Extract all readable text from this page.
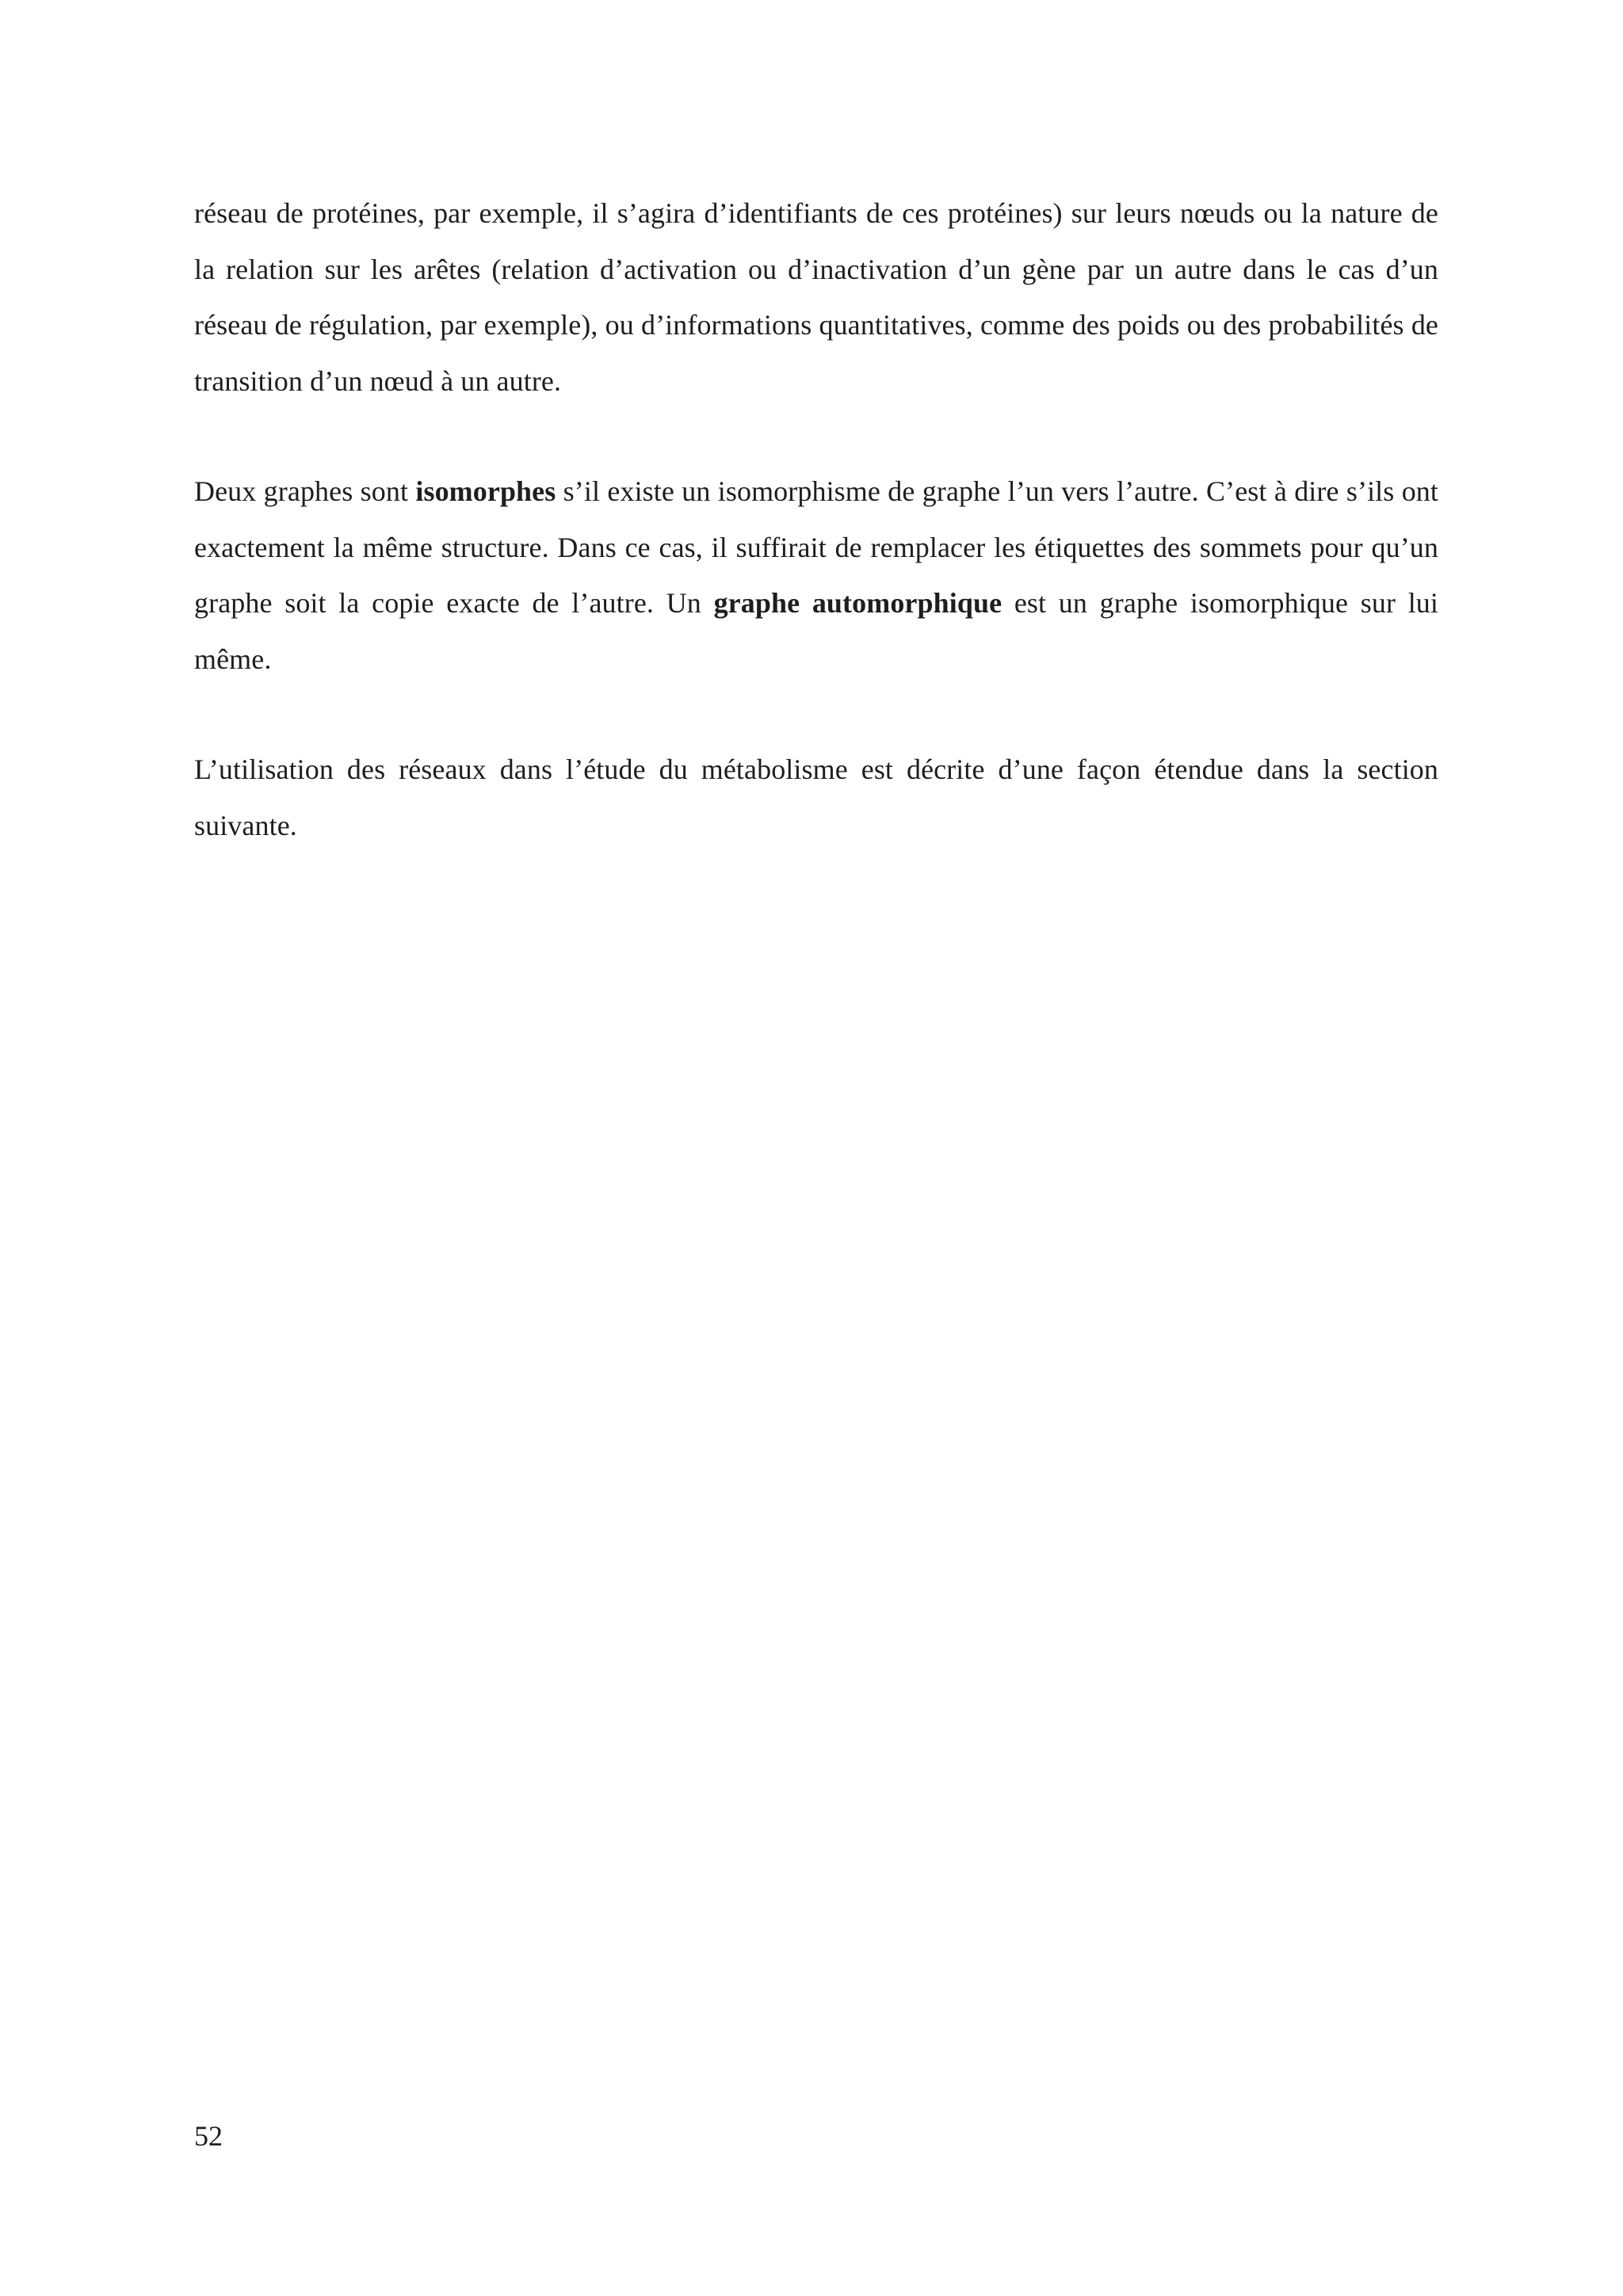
réseau de protéines, par exemple, il s’agira d’identifiants de ces protéines) sur leurs nœuds ou la nature de la relation sur les arêtes (relation d’activation ou d’inactivation d’un gène par un autre dans le cas d’un réseau de régulation, par exemple), ou d’informations quantitatives, comme des poids ou des probabilités de transition d’un nœud à un autre.

Deux graphes sont isomorphes s’il existe un isomorphisme de graphe l’un vers l’autre. C’est à dire s’ils ont exactement la même structure. Dans ce cas, il suffirait de remplacer les étiquettes des sommets pour qu’un graphe soit la copie exacte de l’autre. Un graphe automorphique est un graphe isomorphique sur lui même.

L’utilisation des réseaux dans l’étude du métabolisme est décrite d’une façon étendue dans la section suivante.

52
